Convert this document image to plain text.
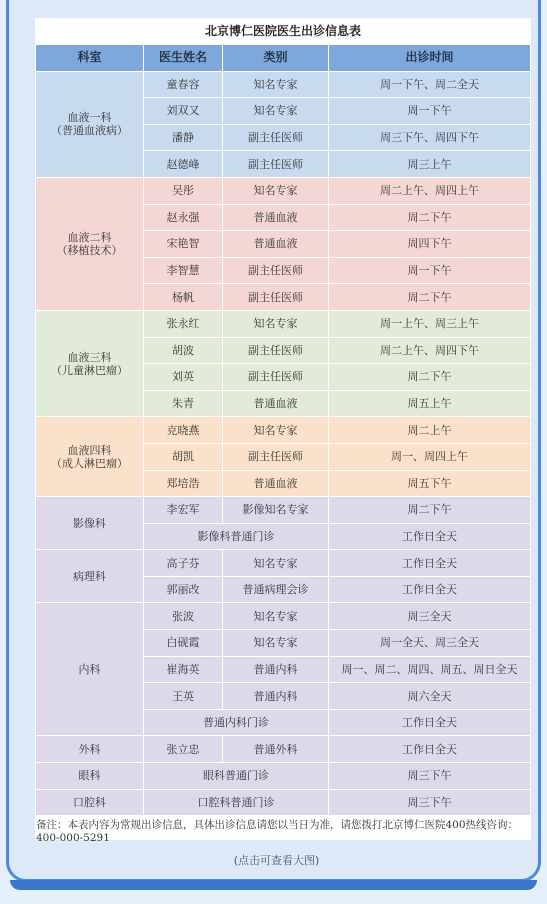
北京博仁医院医生出诊信息表			
科室	医生姓名	类别	出诊时间

血液一科
（普通血液病）	童春容	知名专家	周一下午、周二全天
	刘双又	知名专家	周一下午
	潘静	副主任医师	周三下午、周四下午
	赵德峰	副主任医师	周三上午

血液二科
（移植技术）	吴彤	知名专家	周二上午、周四上午
	赵永强	普通血液	周二下午
	宋艳智	普通血液	周四下午
	李智慧	副主任医师	周一下午
	杨帆	副主任医师	周二下午

血液三科
（儿童淋巴瘤）	张永红	知名专家	周一上午、周三上午
	胡波	副主任医师	周二上午、周四下午
	刘英	副主任医师	周二下午
	朱青	普通血液	周五上午

血液四科
（成人淋巴瘤）	克晓燕	知名专家	周二上午
	胡凯	副主任医师	周一、周四上午
	郑培浩	普通血液	周五下午

影像科	李宏军	影像知名专家	周二下午
	影像科普通门诊		工作日全天

病理科	高子芬	知名专家	工作日全天
	郭丽改	普通病理会诊	工作日全天

内科	张波	知名专家	周三全天
	白砚霞	知名专家	周一全天、周三全天
	崔海英	普通内科	周一、周二、周四、周五、周日全天
	王英	普通内科	周六全天
	普通内科门诊		工作日全天

外科	张立忠	普通外科	工作日全天

眼科	眼科普通门诊		周三下午

口腔科	口腔科普通门诊		周三下午
备注：本表内容为常规出诊信息，具体出诊信息请您以当日为准，请您拨打北京博仁医院400热线咨询：400-000-5291
(点击可查看大图)
